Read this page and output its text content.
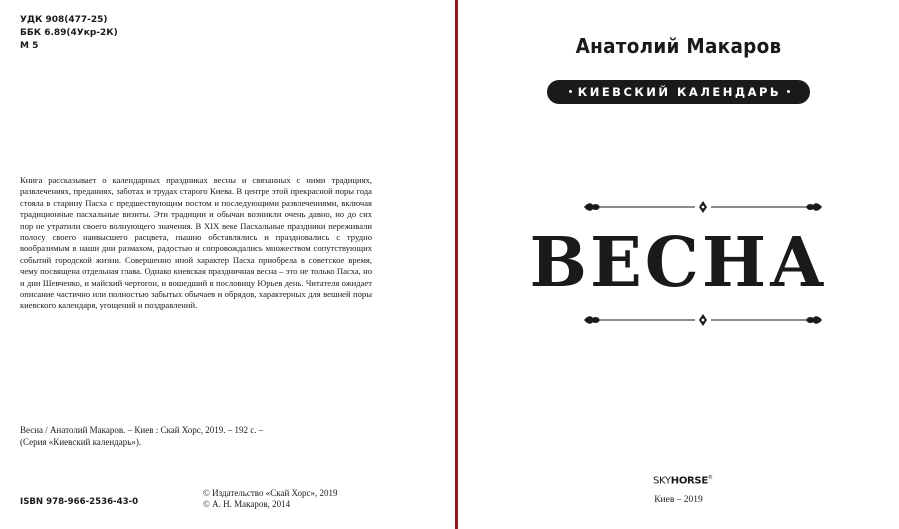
УДК 908(477-25)
ББК 6.89(4Укр-2К)
М 5
Книга рассказывает о календарных праздниках весны и связанных с ними традициях, развлечениях, преданиях, заботах и трудах старого Киева. В центре этой прекрасной поры года стояла в старину Пасха с предшествующим постом и последующими развлечениями, включая традиционные пасхальные визиты. Эти традиции и обычаи возникли очень давно, но до сих пор не утратили своего волнующего значения. В XIX веке Пасхальные праздники переживали полосу своего наивысшего расцвета, пышно обставлялись и праздновались с трудно вообразимым в наши дни размахом, радостью и сопровождались множеством сопутствующих событий городской жизни. Совершенно иной характер Пасха приобрела в советское время, чему посвящена отдельная глава. Однако киевская праздничная весна – это не только Пасха, но и дни Шевченко, и майский чертогон, и вошедший в пословицу Юрьев день. Читателя ожидает описание частично или полностью забытых обычаев и обрядов, характерных для вешней поры киевского календаря, угощений и поздравлений.
Весна / Анатолий Макаров. – Киев : Скай Хорс, 2019. – 192 с. –
(Серия «Киевский календарь»).
ISBN 978-966-2536-43-0
© Издательство «Скай Хорс», 2019
© А. Н. Макаров, 2014
Анатолий Макаров
КИЕВСКИЙ КАЛЕНДАРЬ
ВЕСНА
SKYHORSE®
Киев – 2019
